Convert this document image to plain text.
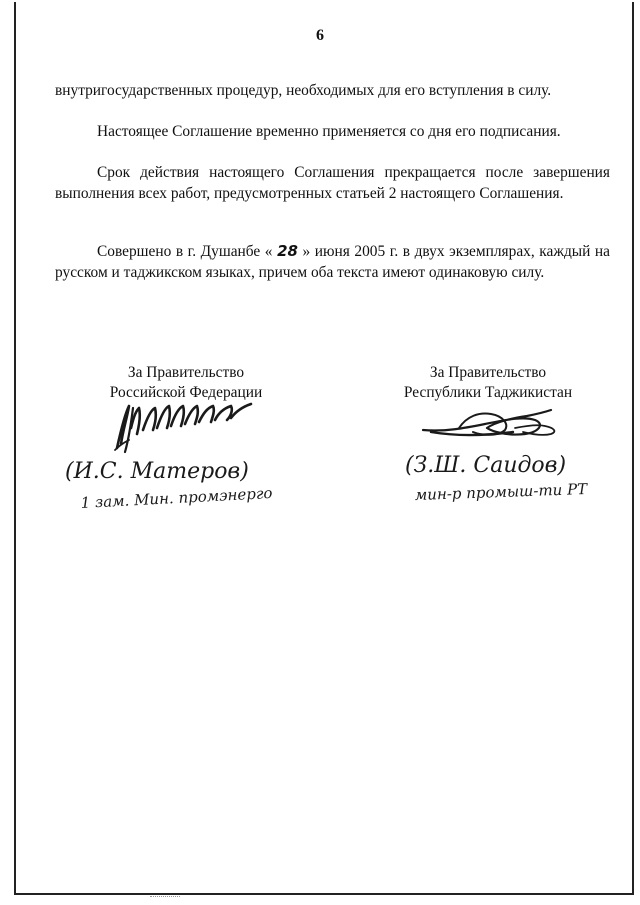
6

внутригосударственных процедур, необходимых для его вступления в силу.

Настоящее Соглашение временно применяется со дня его подписания.

Срок действия настоящего Соглашения прекращается после завершения выполнения всех работ, предусмотренных статьей 2 настоящего Соглашения.

Совершено в г. Душанбе « 28 » июня 2005 г. в двух экземплярах, каждый на русском и таджикском языках, причем оба текста имеют одинаковую силу.

За Правительство
Российской Федерации
За Правительство
Республики Таджикистан
(И.С. Матеров)
1 зам. Мин. промэнерго
(З.Ш. Саидов)
мин-р промыш-ти РТ
